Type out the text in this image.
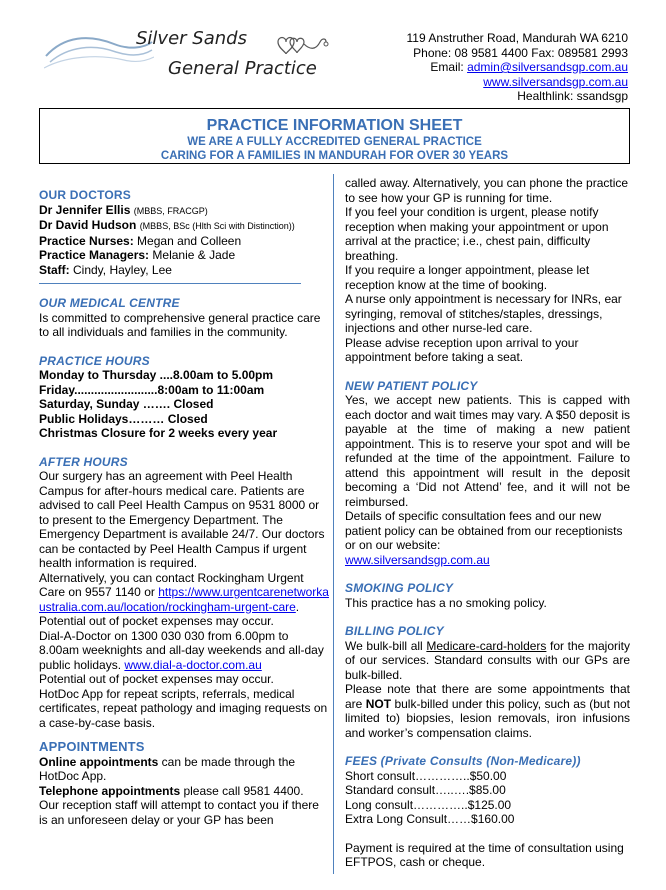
Silver Sands
General Practice
119 Anstruther Road, Mandurah WA 6210
Phone: 08 9581 4400 Fax: 089581 2993
Email: admin@silversandsgp.com.au
www.silversandsgp.com.au
Healthlink: ssandsgp
PRACTICE INFORMATION SHEET
WE ARE A FULLY ACCREDITED GENERAL PRACTICE
CARING FOR A FAMILIES IN MANDURAH FOR OVER 30 YEARS

OUR DOCTORS

Dr Jennifer Ellis (MBBS, FRACGP)

Dr David Hudson (MBBS, BSc (Hlth Sci with Distinction))

Practice Nurses: Megan and Colleen

Practice Managers: Melanie & Jade

Staff: Cindy, Hayley, Lee

OUR MEDICAL CENTRE

Is committed to comprehensive general practice care to all individuals and families in the community.

PRACTICE HOURS

Monday to Thursday ....8.00am to 5.00pm

Friday.........................8:00am to 11:00am

Saturday, Sunday ……. Closed

Public Holidays……… Closed

Christmas Closure for 2 weeks every year

AFTER HOURS

Our surgery has an agreement with Peel Health Campus for after-hours medical care. Patients are advised to call Peel Health Campus on 9531 8000 or to present to the Emergency Department. The Emergency Department is available 24/7. Our doctors can be contacted by Peel Health Campus if urgent health information is required.

Alternatively, you can contact Rockingham Urgent Care on 9557 1140 or https://www.urgentcarenetworkaustralia.com.au/location/rockingham-urgent-care.

Potential out of pocket expenses may occur.

Dial-A-Doctor on 1300 030 030 from 6.00pm to 8.00am weeknights and all-day weekends and all-day public holidays. www.dial-a-doctor.com.au

Potential out of pocket expenses may occur.

HotDoc App for repeat scripts, referrals, medical certificates, repeat pathology and imaging requests on a case-by-case basis.

APPOINTMENTS

Online appointments can be made through the HotDoc App.

Telephone appointments please call 9581 4400.

Our reception staff will attempt to contact you if there is an unforeseen delay or your GP has been

called away. Alternatively, you can phone the practice to see how your GP is running for time.

If you feel your condition is urgent, please notify reception when making your appointment or upon arrival at the practice; i.e., chest pain, difficulty breathing.

If you require a longer appointment, please let reception know at the time of booking.

A nurse only appointment is necessary for INRs, ear syringing, removal of stitches/staples, dressings, injections and other nurse-led care.

Please advise reception upon arrival to your appointment before taking a seat.

NEW PATIENT POLICY

Yes, we accept new patients. This is capped with each doctor and wait times may vary. A $50 deposit is payable at the time of making a new patient appointment. This is to reserve your spot and will be refunded at the time of the appointment. Failure to attend this appointment will result in the deposit becoming a ‘Did not Attend’ fee, and it will not be reimbursed.

Details of specific consultation fees and our new patient policy can be obtained from our receptionists or on our website:

www.silversandsgp.com.au

SMOKING POLICY

This practice has a no smoking policy.

BILLING POLICY

We bulk-bill all Medicare-card-holders for the majority of our services. Standard consults with our GPs are bulk-billed.

Please note that there are some appointments that are NOT bulk-billed under this policy, such as (but not limited to) biopsies, lesion removals, iron infusions and worker’s compensation claims.

FEES (Private Consults (Non-Medicare))

Short consult…………..$50.00

Standard consult…..….$85.00

Long consult…………..$125.00

Extra Long Consult……$160.00

Payment is required at the time of consultation using EFTPOS, cash or cheque.
